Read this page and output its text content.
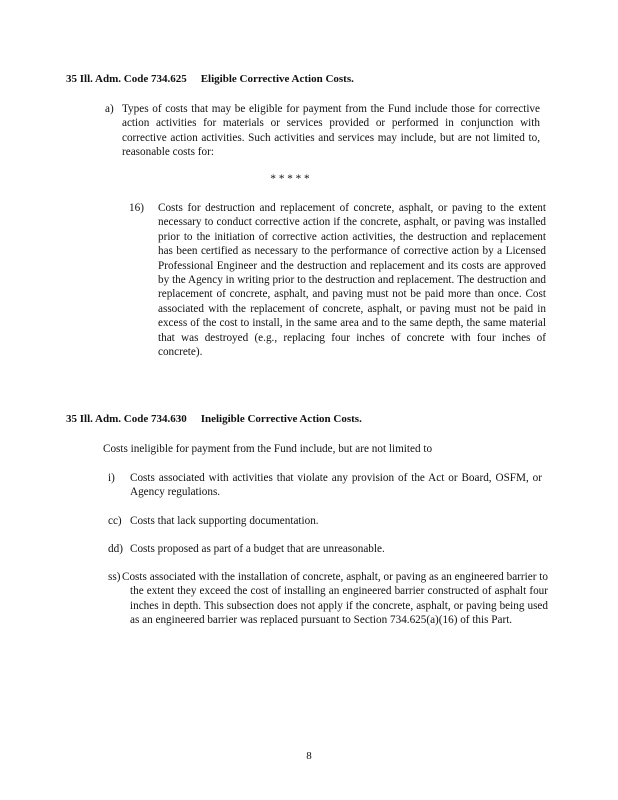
35 Ill. Adm. Code 734.625 Eligible Corrective Action Costs.
a) Types of costs that may be eligible for payment from the Fund include those for corrective action activities for materials or services provided or performed in conjunction with corrective action activities. Such activities and services may include, but are not limited to, reasonable costs for:
* * * * *
16) Costs for destruction and replacement of concrete, asphalt, or paving to the extent necessary to conduct corrective action if the concrete, asphalt, or paving was installed prior to the initiation of corrective action activities, the destruction and replacement has been certified as necessary to the performance of corrective action by a Licensed Professional Engineer and the destruction and replacement and its costs are approved by the Agency in writing prior to the destruction and replacement. The destruction and replacement of concrete, asphalt, and paving must not be paid more than once. Cost associated with the replacement of concrete, asphalt, or paving must not be paid in excess of the cost to install, in the same area and to the same depth, the same material that was destroyed (e.g., replacing four inches of concrete with four inches of concrete).
35 Ill. Adm. Code 734.630 Ineligible Corrective Action Costs.
Costs ineligible for payment from the Fund include, but are not limited to
i) Costs associated with activities that violate any provision of the Act or Board, OSFM, or Agency regulations.
cc) Costs that lack supporting documentation.
dd) Costs proposed as part of a budget that are unreasonable.
ss) Costs associated with the installation of concrete, asphalt, or paving as an engineered barrier to the extent they exceed the cost of installing an engineered barrier constructed of asphalt four inches in depth. This subsection does not apply if the concrete, asphalt, or paving being used as an engineered barrier was replaced pursuant to Section 734.625(a)(16) of this Part.
8
